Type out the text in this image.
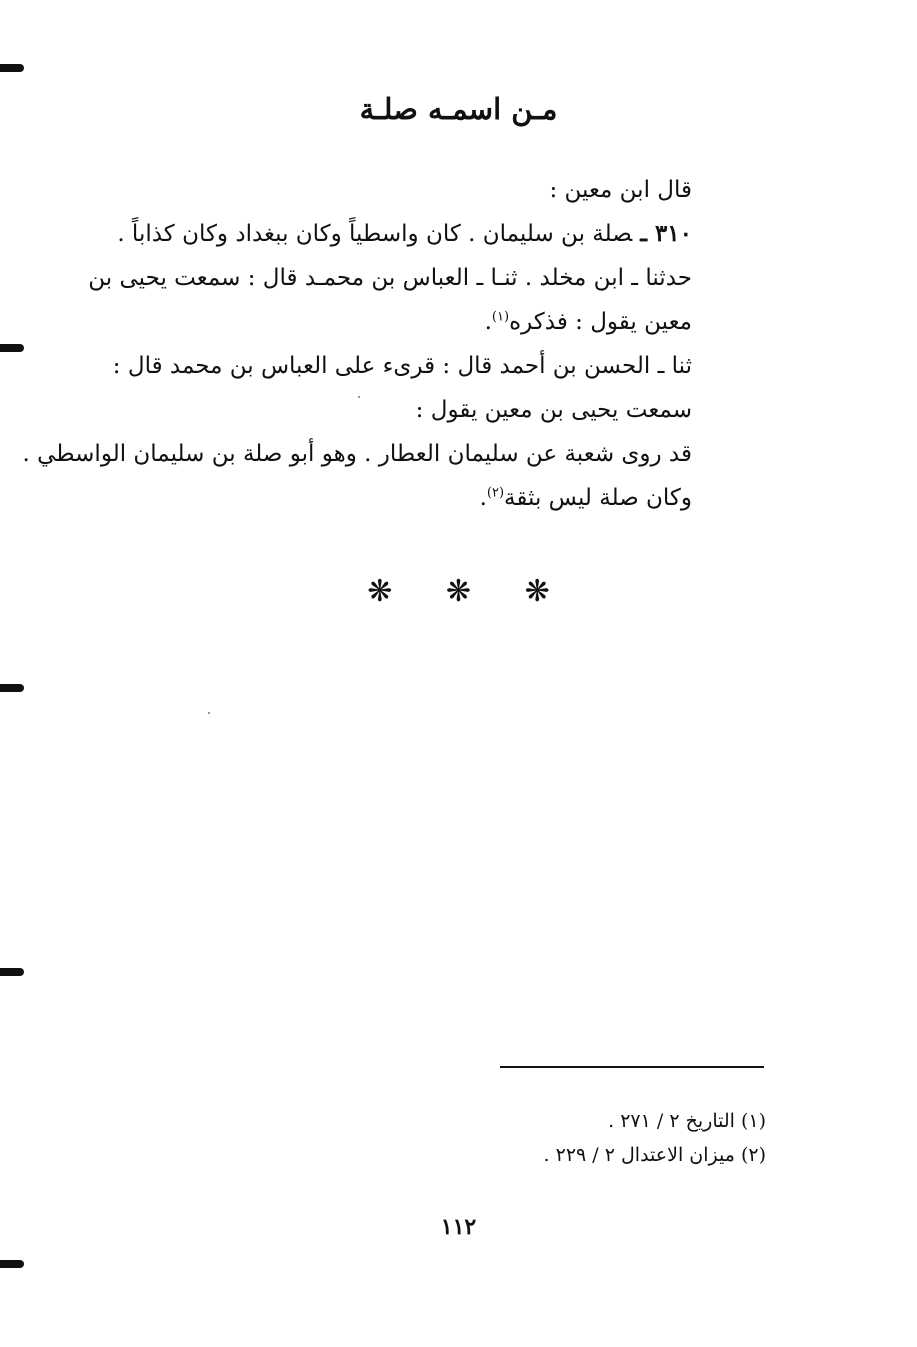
مـن اسمـه صلـة
قال ابن معين :
٣١٠ ـصلة بن سليمان . كان واسطياً وكان ببغداد وكان كذاباً .
حدثنا ـ ابن مخلد . ثنـا ـ العباس بن محمـد قال : سمعت يحيى بن
معين يقول : فذكره$^{(١)}$.
ثنا ـ الحسن بن أحمد قال : قرىء على العباس بن محمد قال :
سمعت يحيى بن معين يقول :
قد روى شعبة عن سليمان العطار . وهو أبو صلة بن سليمان الواسطي .
وكان صلة ليس بثقة$^{(٢)}$.
❋ ❋ ❋
(١) التاريخ ٢ / ٢٧١ .
(٢) ميزان الاعتدال ٢ / ٢٢٩ .
١١٢
